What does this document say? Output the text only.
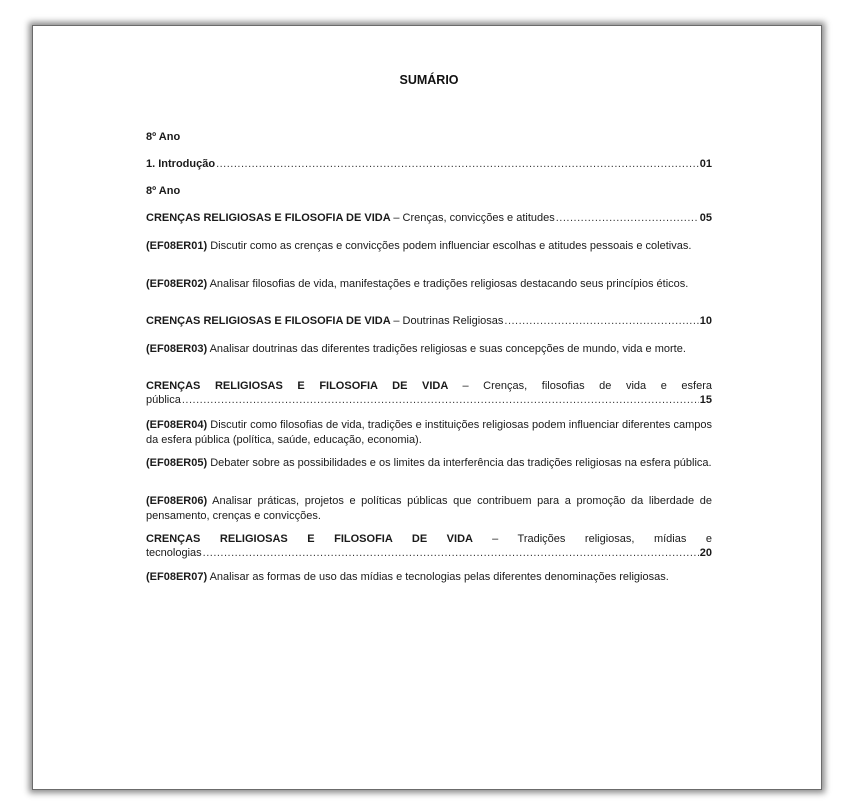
SUMÁRIO
8º Ano
1. Introdução .....	01
8º Ano
CRENÇAS RELIGIOSAS E FILOSOFIA DE VIDA – Crenças, convicções e atitudes .....	05
(EF08ER01) Discutir como as crenças e convicções podem influenciar escolhas e atitudes pessoais e coletivas.
(EF08ER02) Analisar filosofias de vida, manifestações e tradições religiosas destacando seus princípios éticos.
CRENÇAS RELIGIOSAS E FILOSOFIA DE VIDA – Doutrinas Religiosas .....	10
(EF08ER03) Analisar doutrinas das diferentes tradições religiosas e suas concepções de mundo, vida e morte.
CRENÇAS RELIGIOSAS E FILOSOFIA DE VIDA – Crenças, filosofias de vida e esfera
pública .....	15
(EF08ER04) Discutir como filosofias de vida, tradições e instituições religiosas podem influenciar diferentes campos da esfera pública (política, saúde, educação, economia).
(EF08ER05) Debater sobre as possibilidades e os limites da interferência das tradições religiosas na esfera pública.
(EF08ER06) Analisar práticas, projetos e políticas públicas que contribuem para a promoção da liberdade de pensamento, crenças e convicções.
CRENÇAS RELIGIOSAS E FILOSOFIA DE VIDA – Tradições religiosas, mídias e
tecnologias .....	20
(EF08ER07) Analisar as formas de uso das mídias e tecnologias pelas diferentes denominações religiosas.
